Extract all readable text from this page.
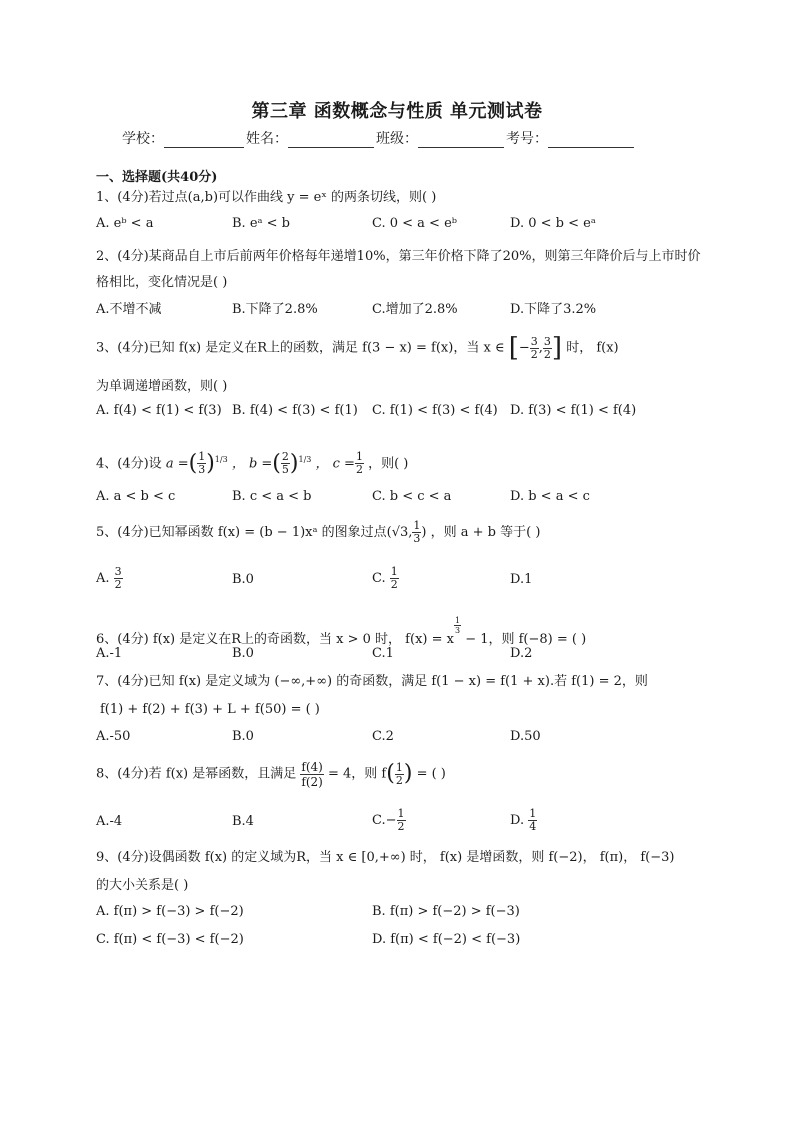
第三章 函数概念与性质 单元测试卷
学校：	姓名：	班级：	考号：
一、选择题(共40分)
1、(4分)若过点(a,b)可以作曲线 y = eˣ 的两条切线，则( )
A. eᵇ < a	B. eᵃ < b	C. 0 < a < eᵇ	D. 0 < b < eᵃ
2、(4分)某商品自上市后前两年价格每年递增10%，第三年价格下降了20%，则第三年降价后与上市时价格相比，变化情况是( )
A.不增不减	B.下降了2.8%	C.增加了2.8%	D.下降了3.2%
3、(4分)已知 f(x) 是定义在R上的函数，满足 f(3 − x) = f(x)，当 x ∈ [− $\frac{3}{2}$ , $\frac{3}{2}$ ] 时， f(x)
为单调递增函数，则( )
A. f(4) < f(1) < f(3) B. f(4) < f(3) < f(1) C. f(1) < f(3) < f(4) D. f(3) < f(1) < f(4)
4、(4分)设 a =( $\frac{1}{3} )^{1/3}$ ， b =( $\frac{2}{5} )^{1/3}$ ， $c = \frac{1}{2}$ ，则( )
A. a < b < c	B. c < a < b	C. b < c < a	D. b < a < c
5、(4分)已知幂函数 f(x) = (b − 1)xᵃ 的图象过点(√3, $\frac{1}{3}$ ) ，则 a + b 等于( )
A. $\frac{3}{2}$	B.0	C. $\frac{1}{2}$	D.1
6、(4分) f(x) 是定义在R上的奇函数，当 x > 0 时， f(x) = x
$^{\frac{1}{3}}$
− 1，则 f(−8) = ( )
A.-1	B.0	C.1	D.2
7、(4分)已知 f(x) 是定义域为 (−∞,+∞) 的奇函数，满足 f(1 − x) = f(1 + x).若 f(1) = 2，则
f(1) + f(2) + f(3) + L + f(50) = ( )
A.-50	B.0	C.2	D.50
8、(4分)若 f(x) 是幂函数，且满足 $\frac{f(4)}{f(2)} = 4$，则 $f( \frac{1}{2}$ ) = ( )
A.-4	B.4	$C.- \frac{1}{2}$	D. $\frac{1}{4}$
9、(4分)设偶函数 f(x) 的定义域为R，当 x ∈ [0,+∞) 时， f(x) 是增函数，则 f(−2)， f(π)， f(−3)
的大小关系是( )
A. f(π) > f(−3) > f(−2)	B. f(π) > f(−2) > f(−3)
C. f(π) < f(−3) < f(−2)	D. f(π) < f(−2) < f(−3)
